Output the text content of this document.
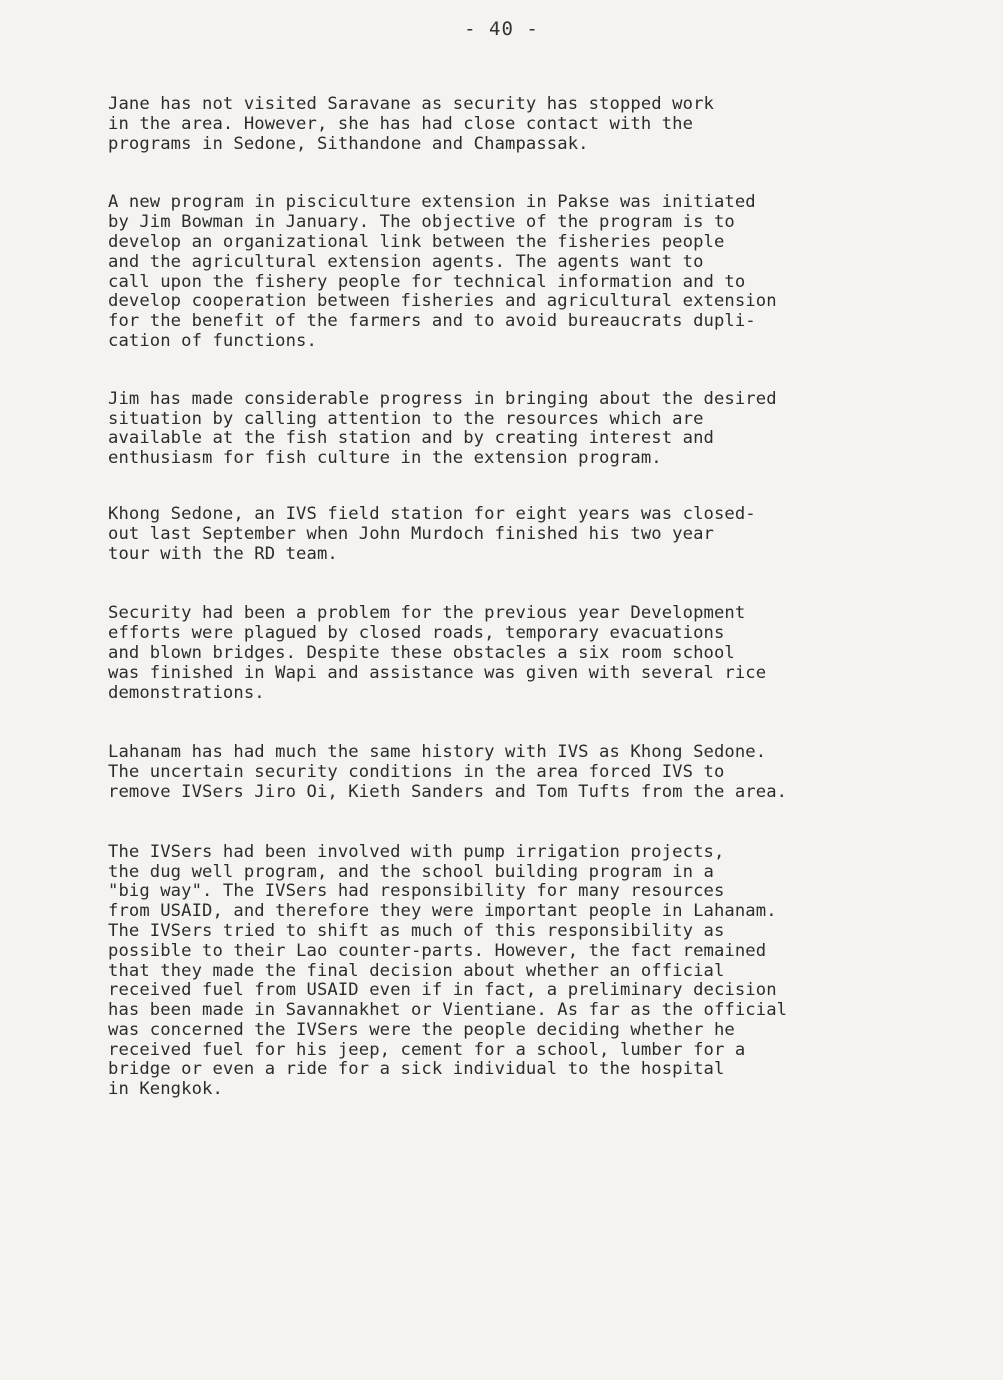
- 40 -

Jane has not visited Saravane as security has stopped work
in the area. However, she has had close contact with the
programs in Sedone, Sithandone and Champassak.

A new program in pisciculture extension in Pakse was initiated
by Jim Bowman in January. The objective of the program is to
develop an organizational link between the fisheries people
and the agricultural extension agents. The agents want to
call upon the fishery people for technical information and to
develop cooperation between fisheries and agricultural extension
for the benefit of the farmers and to avoid bureaucrats dupli-
cation of functions.

Jim has made considerable progress in bringing about the desired
situation by calling attention to the resources which are
available at the fish station and by creating interest and
enthusiasm for fish culture in the extension program.

Khong Sedone, an IVS field station for eight years was closed-
out last September when John Murdoch finished his two year
tour with the RD team.

Security had been a problem for the previous year Development
efforts were plagued by closed roads, temporary evacuations
and blown bridges. Despite these obstacles a six room school
was finished in Wapi and assistance was given with several rice
demonstrations.

Lahanam has had much the same history with IVS as Khong Sedone.
The uncertain security conditions in the area forced IVS to
remove IVSers Jiro Oi, Kieth Sanders and Tom Tufts from the area.

The IVSers had been involved with pump irrigation projects,
the dug well program, and the school building program in a
"big way". The IVSers had responsibility for many resources
from USAID, and therefore they were important people in Lahanam.
The IVSers tried to shift as much of this responsibility as
possible to their Lao counter-parts. However, the fact remained
that they made the final decision about whether an official
received fuel from USAID even if in fact, a preliminary decision
has been made in Savannakhet or Vientiane. As far as the official
was concerned the IVSers were the people deciding whether he
received fuel for his jeep, cement for a school, lumber for a
bridge or even a ride for a sick individual to the hospital
in Kengkok.
